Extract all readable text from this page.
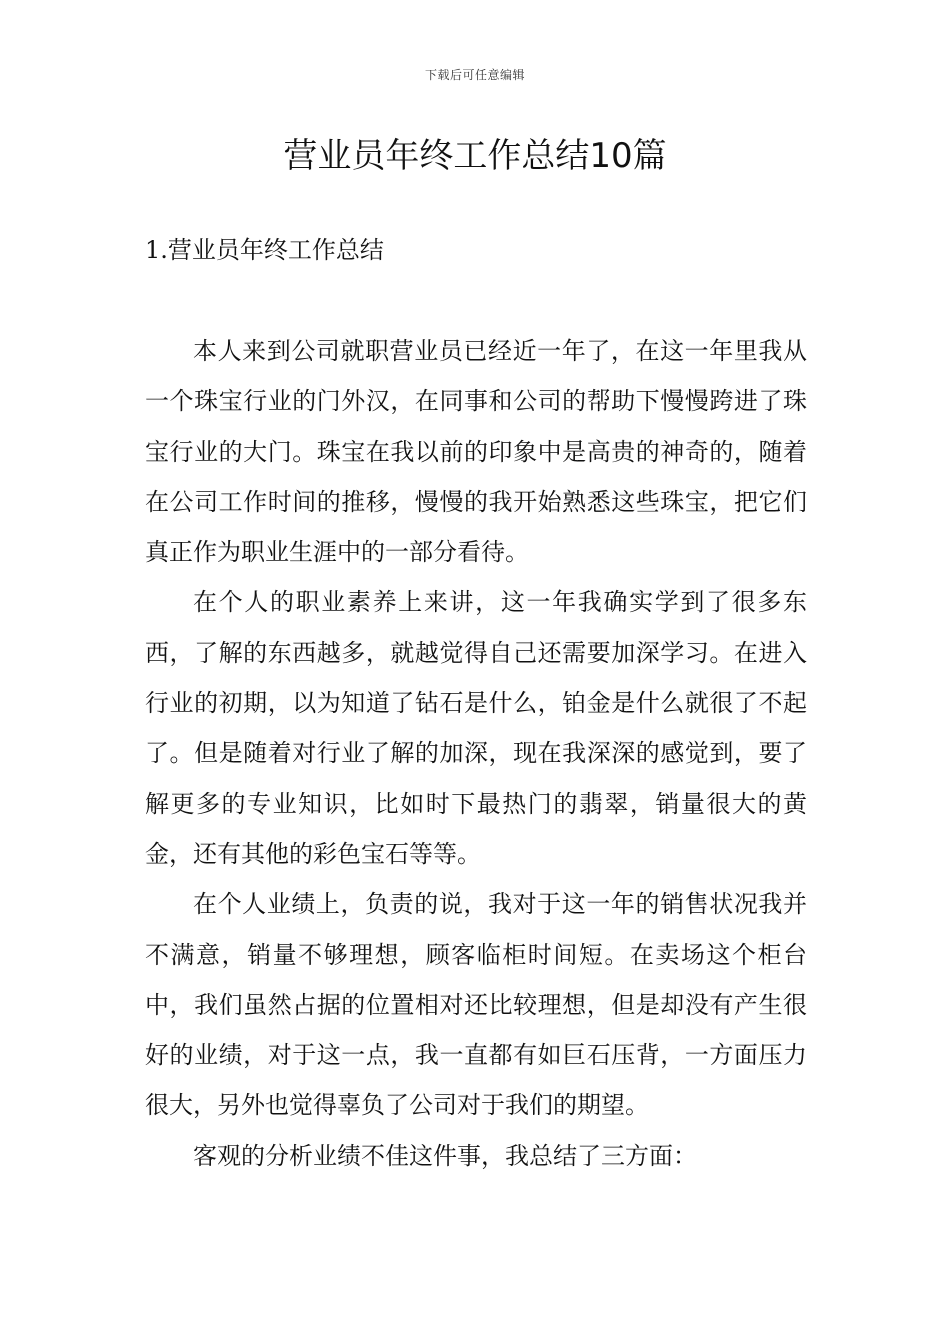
下载后可任意编辑
营业员年终工作总结10篇
1.营业员年终工作总结

本人来到公司就职营业员已经近一年了，在这一年里我从一个珠宝行业的门外汉，在同事和公司的帮助下慢慢跨进了珠宝行业的大门。珠宝在我以前的印象中是高贵的神奇的，随着在公司工作时间的推移，慢慢的我开始熟悉这些珠宝，把它们真正作为职业生涯中的一部分看待。

在个人的职业素养上来讲，这一年我确实学到了很多东西，了解的东西越多，就越觉得自己还需要加深学习。在进入行业的初期，以为知道了钻石是什么，铂金是什么就很了不起了。但是随着对行业了解的加深，现在我深深的感觉到，要了解更多的专业知识，比如时下最热门的翡翠，销量很大的黄金，还有其他的彩色宝石等等。

在个人业绩上，负责的说，我对于这一年的销售状况我并不满意，销量不够理想，顾客临柜时间短。在卖场这个柜台中，我们虽然占据的位置相对还比较理想，但是却没有产生很好的业绩，对于这一点，我一直都有如巨石压背，一方面压力很大，另外也觉得辜负了公司对于我们的期望。

客观的分析业绩不佳这件事，我总结了三方面：
